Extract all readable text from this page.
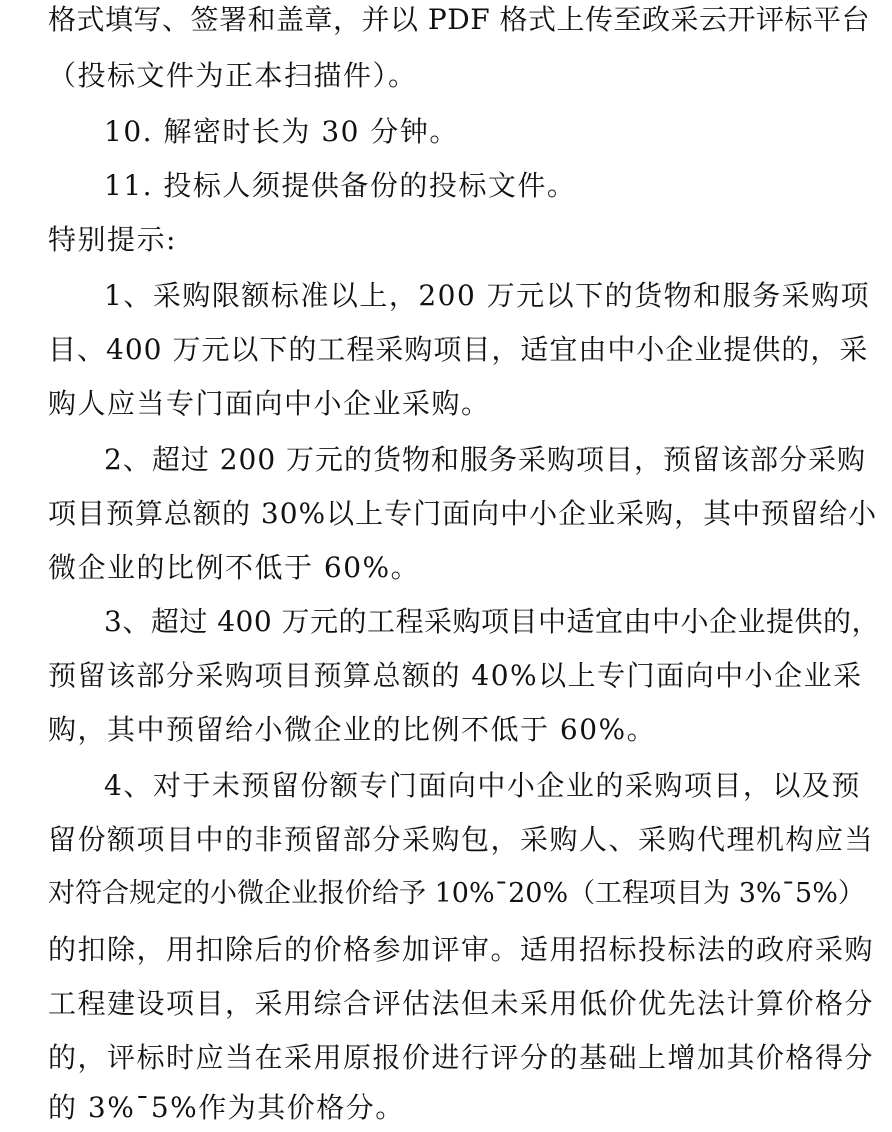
格式填写、签署和盖章，并以 PDF 格式上传至政采云开评标平台
（投标文件为正本扫描件）。
10. 解密时长为 30 分钟。
11. 投标人须提供备份的投标文件。
特别提示:
1、采购限额标准以上，200 万元以下的货物和服务采购项
目、400 万元以下的工程采购项目，适宜由中小企业提供的，采
购人应当专门面向中小企业采购。
2、超过 200 万元的货物和服务采购项目，预留该部分采购
项目预算总额的 30%以上专门面向中小企业采购，其中预留给小
微企业的比例不低于 60%。
3、超过 400 万元的工程采购项目中适宜由中小企业提供的，
预留该部分采购项目预算总额的 40%以上专门面向中小企业采
购，其中预留给小微企业的比例不低于 60%。
4、对于未预留份额专门面向中小企业的采购项目，以及预
留份额项目中的非预留部分采购包，采购人、采购代理机构应当
对符合规定的小微企业报价给予 10%¯20%（工程项目为 3%¯5%）
的扣除，用扣除后的价格参加评审。适用招标投标法的政府采购
工程建设项目，采用综合评估法但未采用低价优先法计算价格分
的，评标时应当在采用原报价进行评分的基础上增加其价格得分
的 3%¯5%作为其价格分。
